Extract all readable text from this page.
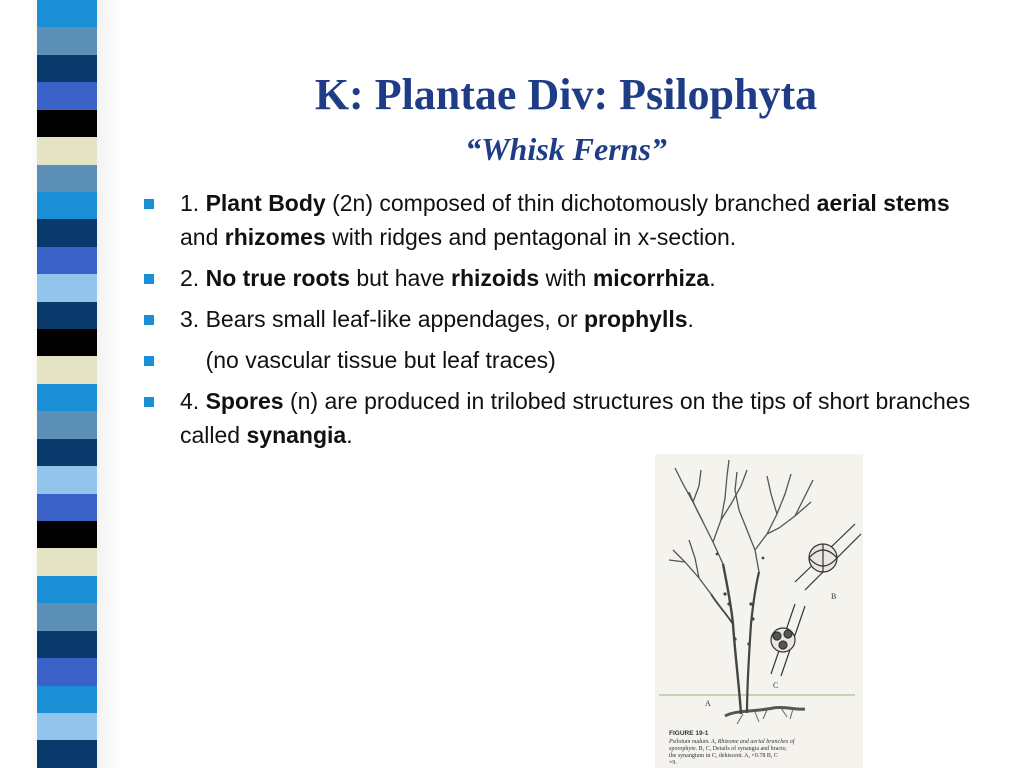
K: Plantae Div: Psilophyta
“Whisk Ferns”
1. Plant Body (2n) composed of thin dichotomously branched aerial stems and rhizomes with ridges and pentagonal in x-section.
2. No true roots but have rhizoids with micorrhiza.
3. Bears small leaf-like appendages, or prophylls.
(no vascular tissue but leaf traces)
4. Spores (n) are produced in trilobed structures on the tips of short branches called synangia.
B
C
A
FIGURE 19-1
Psilotum nudum. A, Rhizome and aerial branches of
sporophyte. B, C, Details of synangia and bracts;
the synangium in C, dehiscent. A, ×0.78 B, C
×9.
